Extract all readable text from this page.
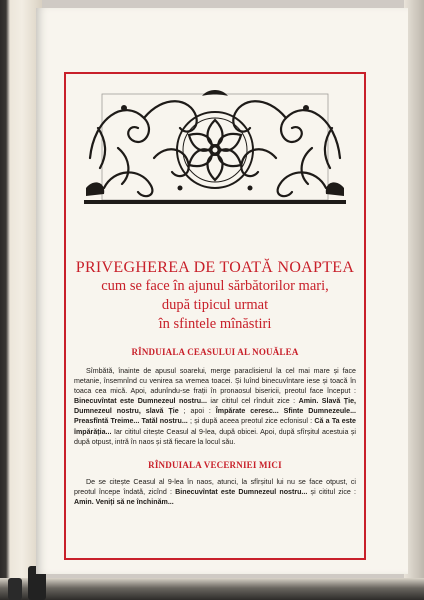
PRIVEGHEREA DE TOATĂ NOAPTEA
cum se face în ajunul sărbătorilor mari,
după tipicul urmat
în sfintele mînăstiri
RÎNDUIALA CEASULUI AL NOUĂLEA
Sîmbătă, înainte de apusul soarelui, merge paraclisierul la cel mai mare și face metanie, însemnînd cu venirea sa vremea toacei. Și luînd binecuvîntare iese și toacă în toaca cea mică. Apoi, adunîndu-se frații în pronaosul bisericii, preotul face început : Binecuvîntat este Dumnezeul nostru... iar cititul cel rînduit zice : Amin. Slavă Ție, Dumnezeul nostru, slavă Ție ; apoi : Împărate ceresc... Sfinte Dumnezeule... Preasfîntă Treime... Tatăl nostru... ; și după aceea preotul zice ecfonisul : Că a Ta este împărăția... Iar cititul citește Ceasul al 9-lea, după obicei. Apoi, după sfîrșitul acestuia și după otpust, intră în naos și stă fiecare la locul său.
RÎNDUIALA VECERNIEI MICI
De se citește Ceasul al 9-lea în naos, atunci, la sfîrșitul lui nu se face otpust, ci preotul începe îndată, zicînd : Binecuvîntat este Dumnezeul nostru... și cititul zice : Amin. Veniți să ne închinăm...
